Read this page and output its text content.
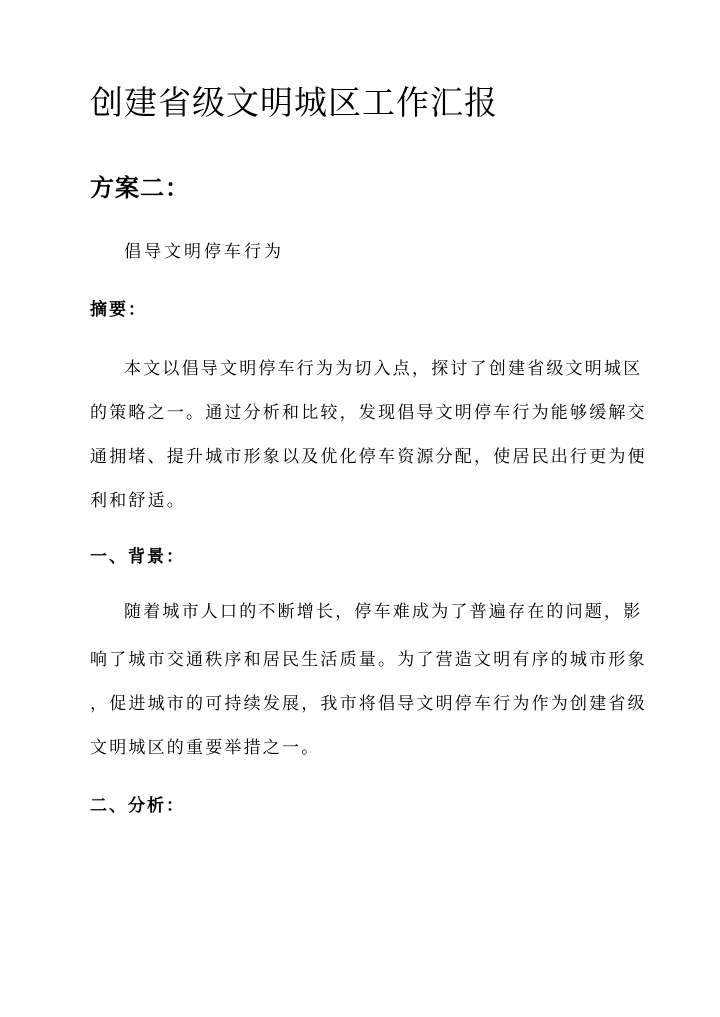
创建省级文明城区工作汇报
方案二：
倡导文明停车行为
摘要：
本文以倡导文明停车行为为切入点，探讨了创建省级文明城区
的策略之一。通过分析和比较，发现倡导文明停车行为能够缓解交
通拥堵、提升城市形象以及优化停车资源分配，使居民出行更为便
利和舒适。
一、背景：
随着城市人口的不断增长，停车难成为了普遍存在的问题，影
响了城市交通秩序和居民生活质量。为了营造文明有序的城市形象
，促进城市的可持续发展，我市将倡导文明停车行为作为创建省级
文明城区的重要举措之一。
二、分析：
